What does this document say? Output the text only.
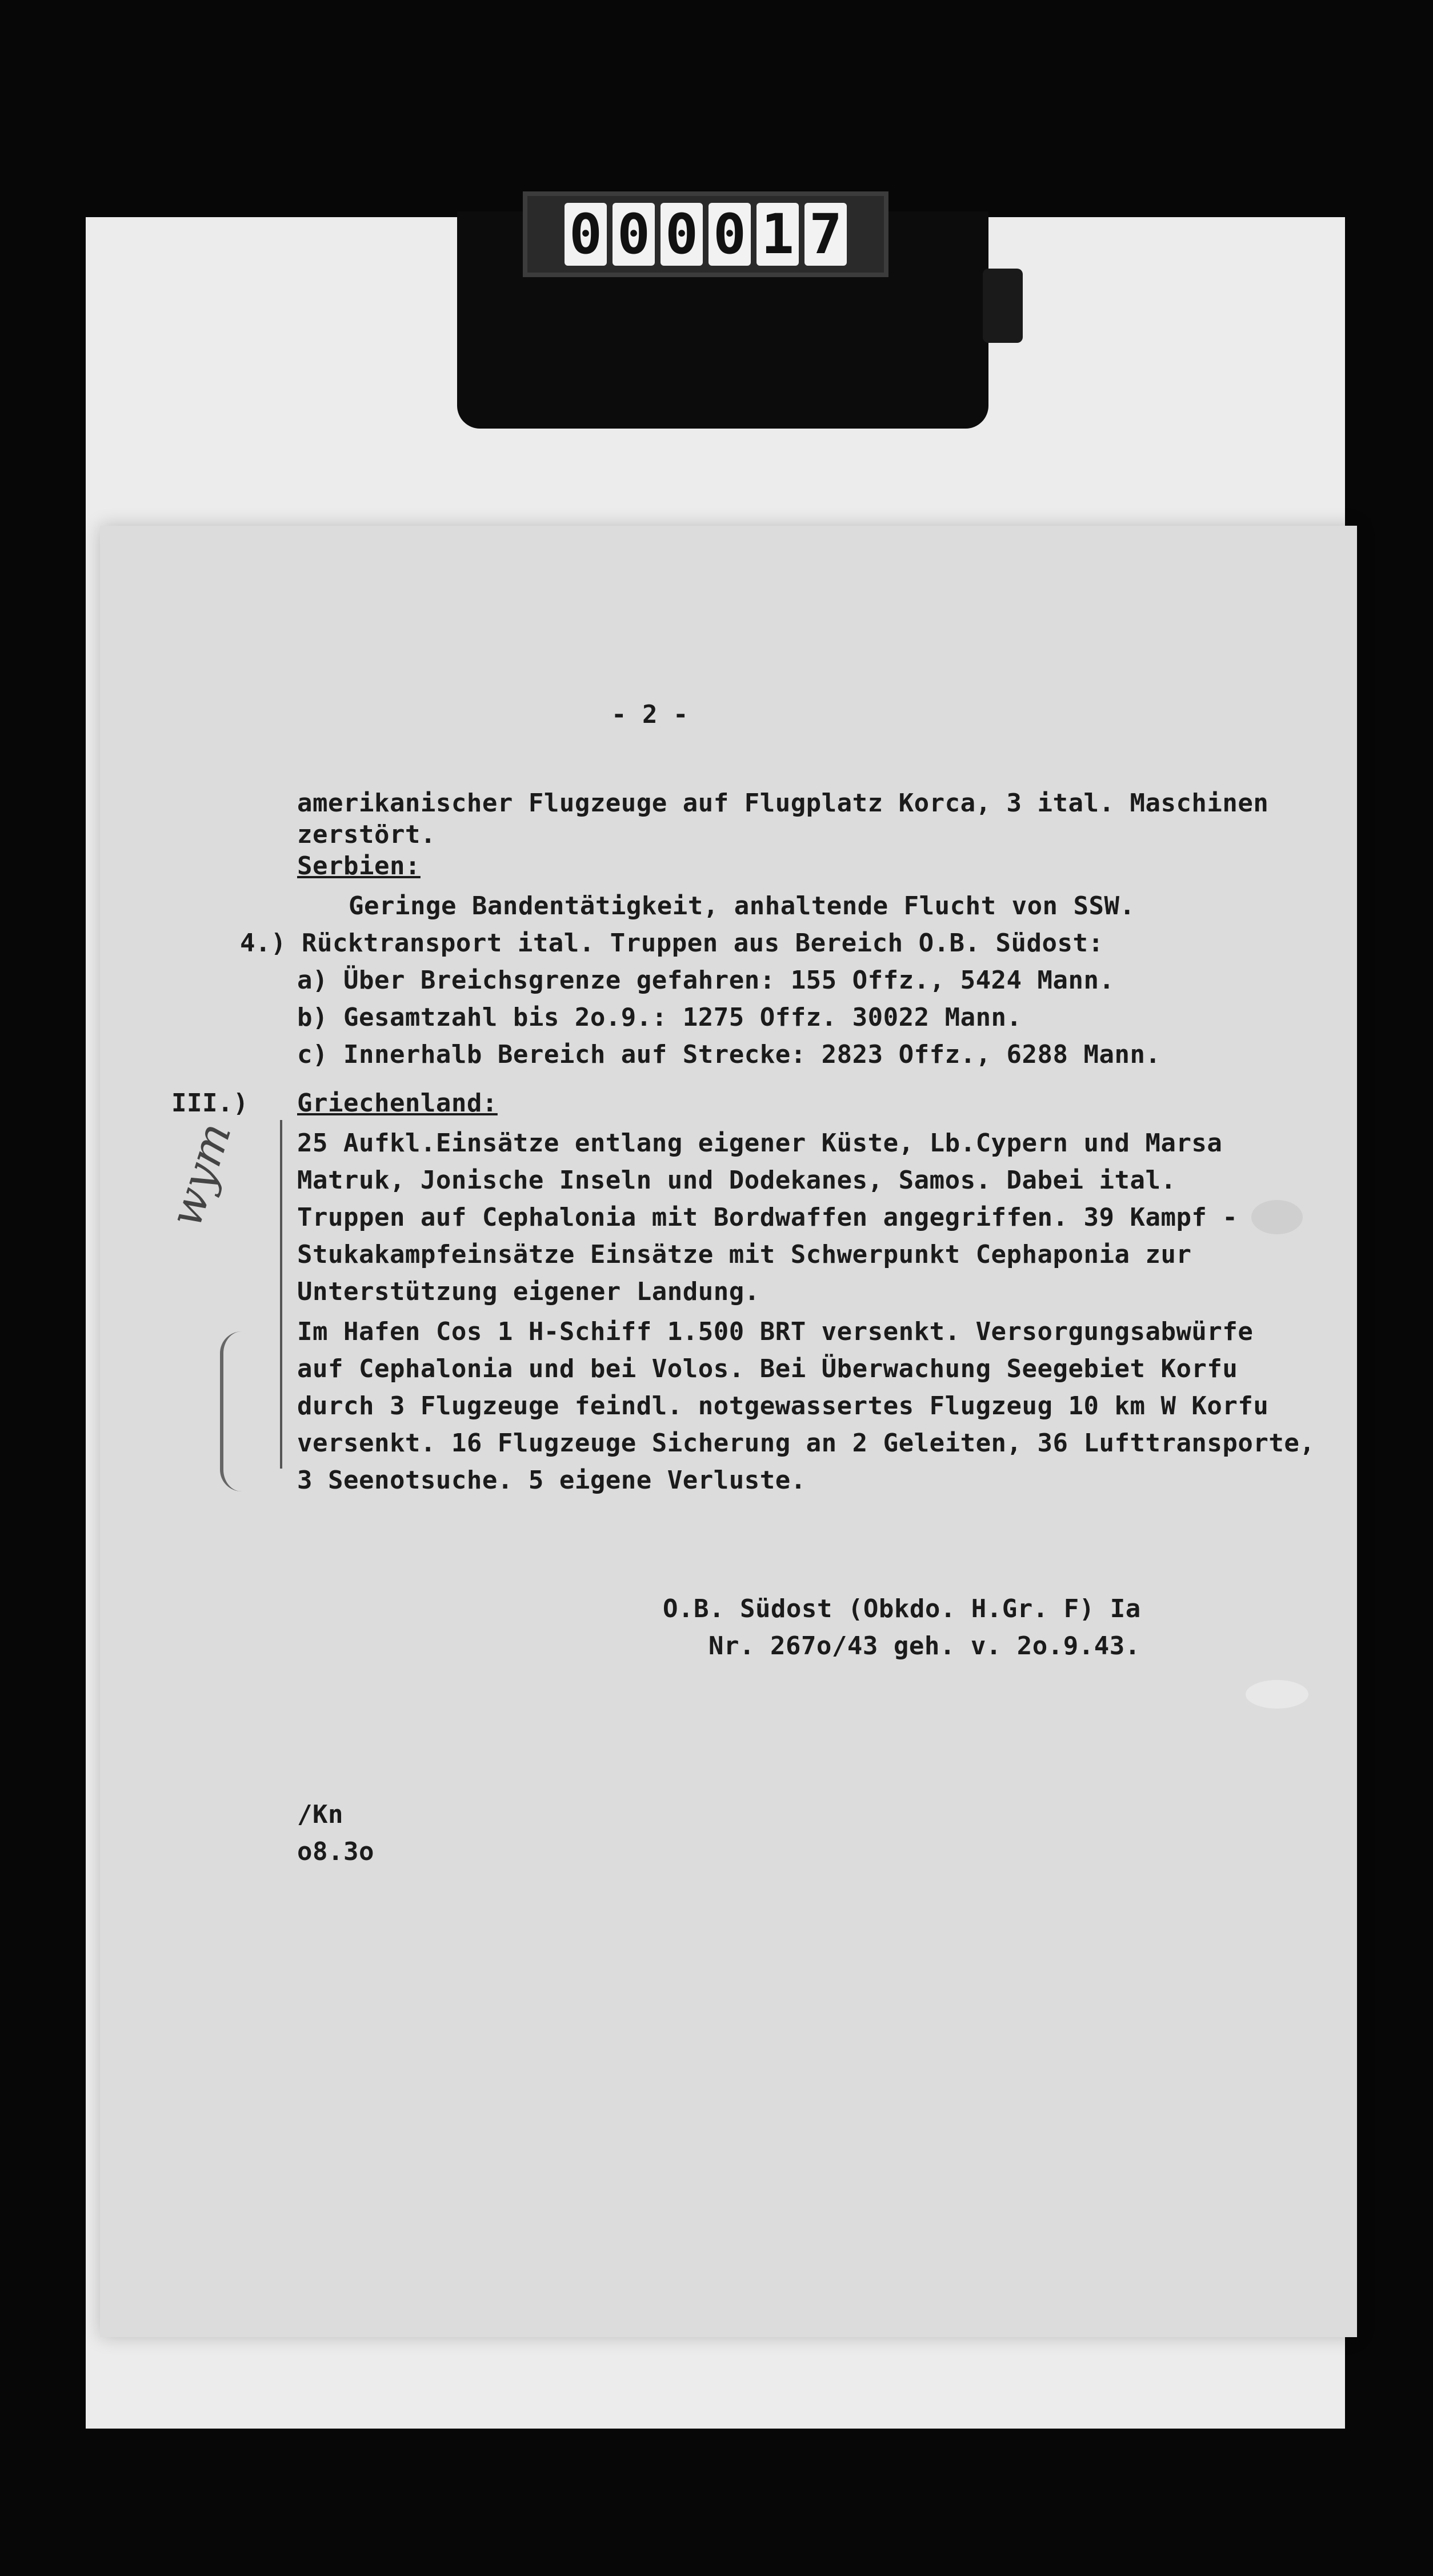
0 0 0 0 1 7
- 2 -
amerikanischer Flugzeuge auf Flugplatz Korca, 3 ital. Maschinen
zerstört.
Serbien:
Geringe Bandentätigkeit, anhaltende Flucht von SSW.
4.) Rücktransport ital. Truppen aus Bereich O.B. Südost:
a) Über Breichsgrenze gefahren: 155 Offz., 5424 Mann.
b) Gesamtzahl bis 2o.9.: 1275 Offz. 30022 Mann.
c) Innerhalb Bereich auf Strecke: 2823 Offz., 6288 Mann.
III.) Griechenland:
25 Aufkl.Einsätze entlang eigener Küste, Lb.Cypern und Marsa
Matruk, Jonische Inseln und Dodekanes, Samos. Dabei ital.
Truppen auf Cephalonia mit Bordwaffen angegriffen. 39 Kampf -
Stukakampfeinsätze Einsätze mit Schwerpunkt Cephaponia zur
Unterstützung eigener Landung.
Im Hafen Cos 1 H-Schiff 1.500 BRT versenkt. Versorgungsabwürfe
auf Cephalonia und bei Volos. Bei Überwachung Seegebiet Korfu
durch 3 Flugzeuge feindl. notgewassertes Flugzeug 10 km W Korfu
versenkt. 16 Flugzeuge Sicherung an 2 Geleiten, 36 Lufttransporte,
3 Seenotsuche. 5 eigene Verluste.
wym
O.B. Südost (Obkdo. H.Gr. F) Ia
Nr. 267o/43 geh. v. 2o.9.43.
/Kn
o8.3o
